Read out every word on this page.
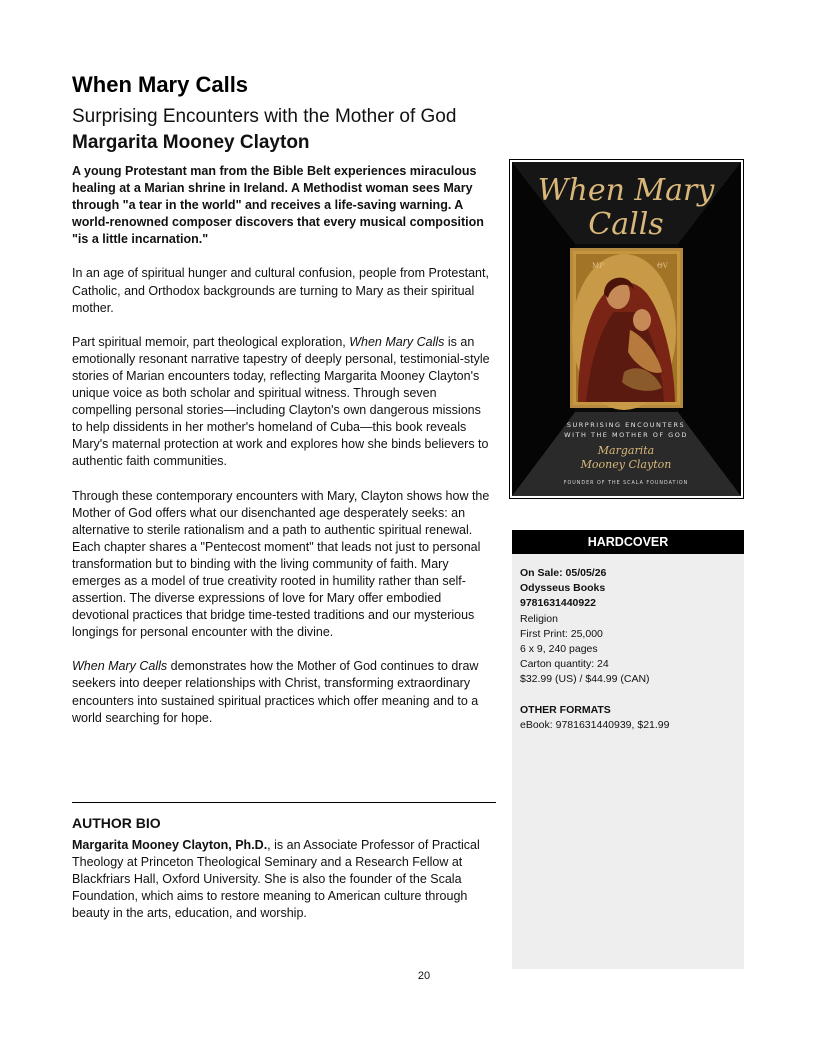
When Mary Calls
Surprising Encounters with the Mother of God
Margarita Mooney Clayton

A young Protestant man from the Bible Belt experiences miraculous healing at a Marian shrine in Ireland. A Methodist woman sees Mary through "a tear in the world" and receives a life-saving warning. A world-renowned composer discovers that every musical composition "is a little incarnation."

In an age of spiritual hunger and cultural confusion, people from Protestant, Catholic, and Orthodox backgrounds are turning to Mary as their spiritual mother.

Part spiritual memoir, part theological exploration, When Mary Calls is an emotionally resonant narrative tapestry of deeply personal, testimonial-style stories of Marian encounters today, reflecting Margarita Mooney Clayton's unique voice as both scholar and spiritual witness. Through seven compelling personal stories—including Clayton's own dangerous missions to help dissidents in her mother's homeland of Cuba—this book reveals Mary's maternal protection at work and explores how she binds believers to authentic faith communities.

Through these contemporary encounters with Mary, Clayton shows how the Mother of God offers what our disenchanted age desperately seeks: an alternative to sterile rationalism and a path to authentic spiritual renewal. Each chapter shares a "Pentecost moment" that leads not just to personal transformation but to binding with the living community of faith. Mary emerges as a model of true creativity rooted in humility rather than self-assertion. The diverse expressions of love for Mary offer embodied devotional practices that bridge time-tested traditions and our mysterious longings for personal encounter with the divine.

When Mary Calls demonstrates how the Mother of God continues to draw seekers into deeper relationships with Christ, transforming extraordinary encounters into sustained spiritual practices which offer meaning and to a world searching for hope.

AUTHOR BIO
Margarita Mooney Clayton, Ph.D., is an Associate Professor of Practical Theology at Princeton Theological Seminary and a Research Fellow at Blackfriars Hall, Oxford University. She is also the founder of the Scala Foundation, which aims to restore meaning to American culture through beauty in the arts, education, and worship.
When Mary
Calls
MP	ΘV
SURPRISING ENCOUNTERS
WITH THE MOTHER OF GOD
Margarita
Mooney Clayton
FOUNDER OF THE SCALA FOUNDATION
HARDCOVER
On Sale: 05/05/26
Odysseus Books
9781631440922
Religion
First Print: 25,000
6 x 9, 240 pages
Carton quantity: 24
$32.99 (US) / $44.99 (CAN)
OTHER FORMATS
eBook: 9781631440939, $21.99
20
